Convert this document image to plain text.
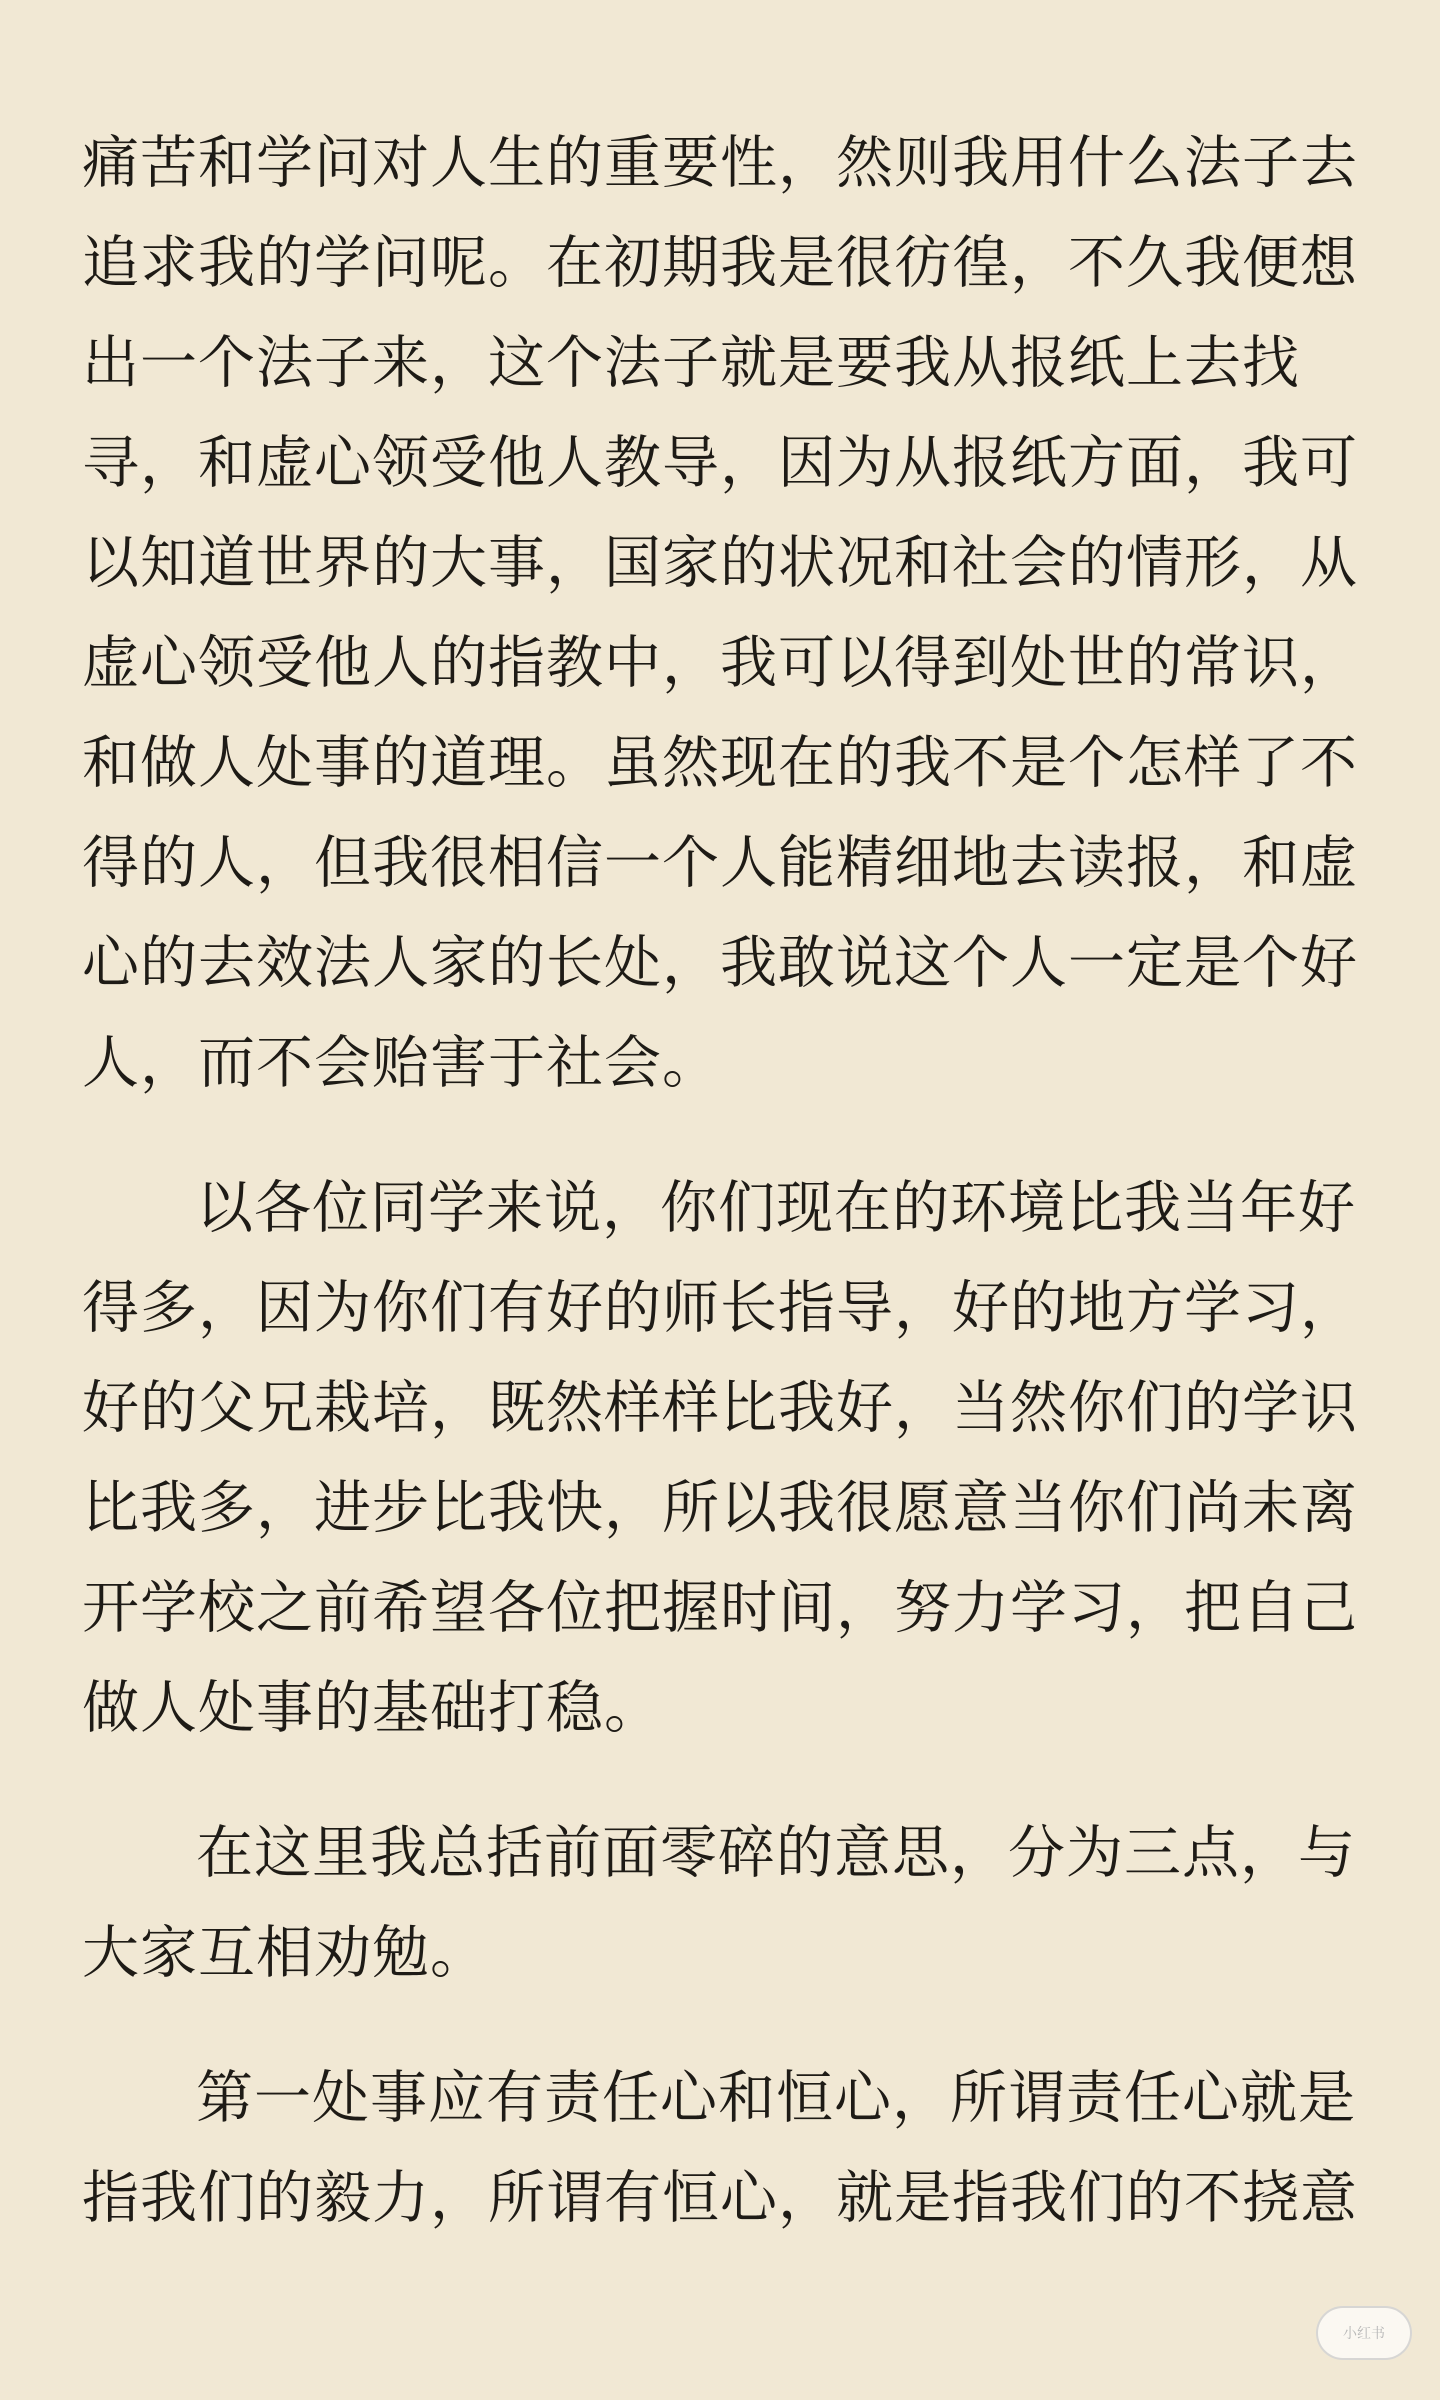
痛苦和学问对人生的重要性，然则我用什么法子去
追求我的学问呢。在初期我是很彷徨，不久我便想
出一个法子来，这个法子就是要我从报纸上去找
寻，和虚心领受他人教导，因为从报纸方面，我可
以知道世界的大事，国家的状况和社会的情形，从
虚心领受他人的指教中，我可以得到处世的常识，
和做人处事的道理。虽然现在的我不是个怎样了不
得的人，但我很相信一个人能精细地去读报，和虚
心的去效法人家的长处，我敢说这个人一定是个好
人，而不会贻害于社会。
以各位同学来说，你们现在的环境比我当年好
得多，因为你们有好的师长指导，好的地方学习，
好的父兄栽培，既然样样比我好，当然你们的学识
比我多，进步比我快，所以我很愿意当你们尚未离
开学校之前希望各位把握时间，努力学习，把自己
做人处事的基础打稳。
在这里我总括前面零碎的意思，分为三点，与
大家互相劝勉。
第一处事应有责任心和恒心，所谓责任心就是
指我们的毅力，所谓有恒心，就是指我们的不挠意
小红书
